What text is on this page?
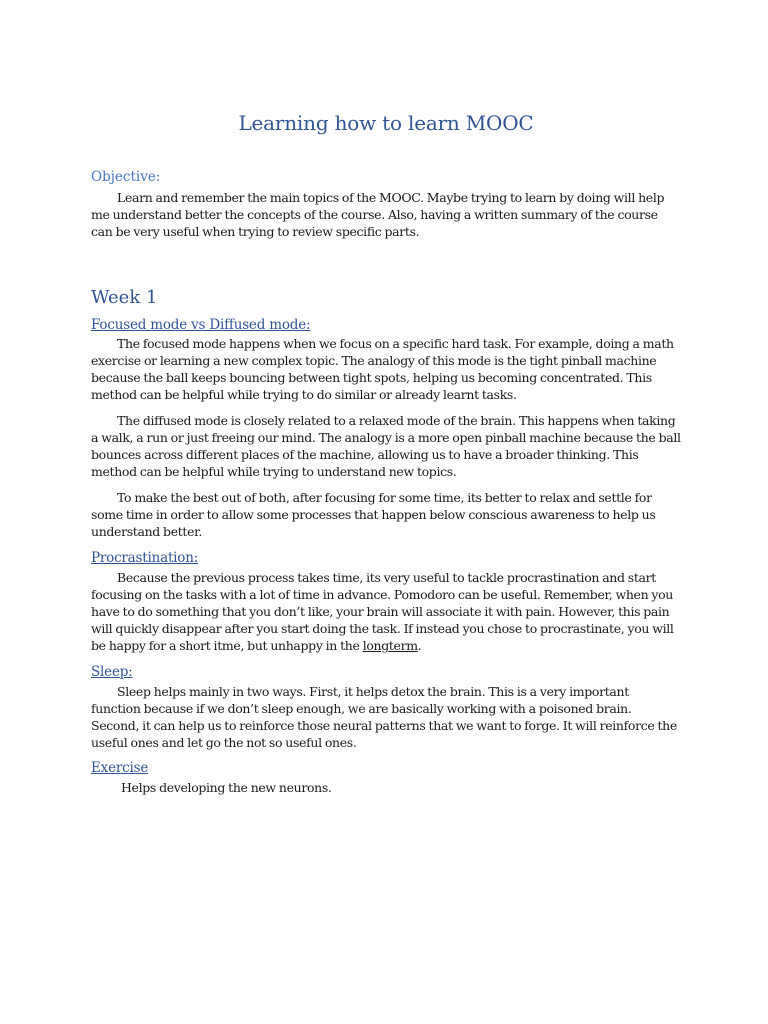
Learning how to learn MOOC
Objective:

Learn and remember the main topics of the MOOC. Maybe trying to learn by doing will help me understand better the concepts of the course. Also, having a written summary of the course can be very useful when trying to review specific parts.

Week 1
Focused mode vs Diffused mode:

The focused mode happens when we focus on a specific hard task. For example, doing a math exercise or learning a new complex topic. The analogy of this mode is the tight pinball machine because the ball keeps bouncing between tight spots, helping us becoming concentrated. This method can be helpful while trying to do similar or already learnt tasks.

The diffused mode is closely related to a relaxed mode of the brain. This happens when taking a walk, a run or just freeing our mind. The analogy is a more open pinball machine because the ball bounces across different places of the machine, allowing us to have a broader thinking. This method can be helpful while trying to understand new topics.

To make the best out of both, after focusing for some time, its better to relax and settle for some time in order to allow some processes that happen below conscious awareness to help us understand better.

Procrastination:

Because the previous process takes time, its very useful to tackle procrastination and start focusing on the tasks with a lot of time in advance. Pomodoro can be useful. Remember, when you have to do something that you don’t like, your brain will associate it with pain. However, this pain will quickly disappear after you start doing the task. If instead you chose to procrastinate, you will be happy for a short itme, but unhappy in the longterm.

Sleep:

Sleep helps mainly in two ways. First, it helps detox the brain. This is a very important function because if we don’t sleep enough, we are basically working with a poisoned brain. Second, it can help us to reinforce those neural patterns that we want to forge. It will reinforce the useful ones and let go the not so useful ones.

Exercise

Helps developing the new neurons.
